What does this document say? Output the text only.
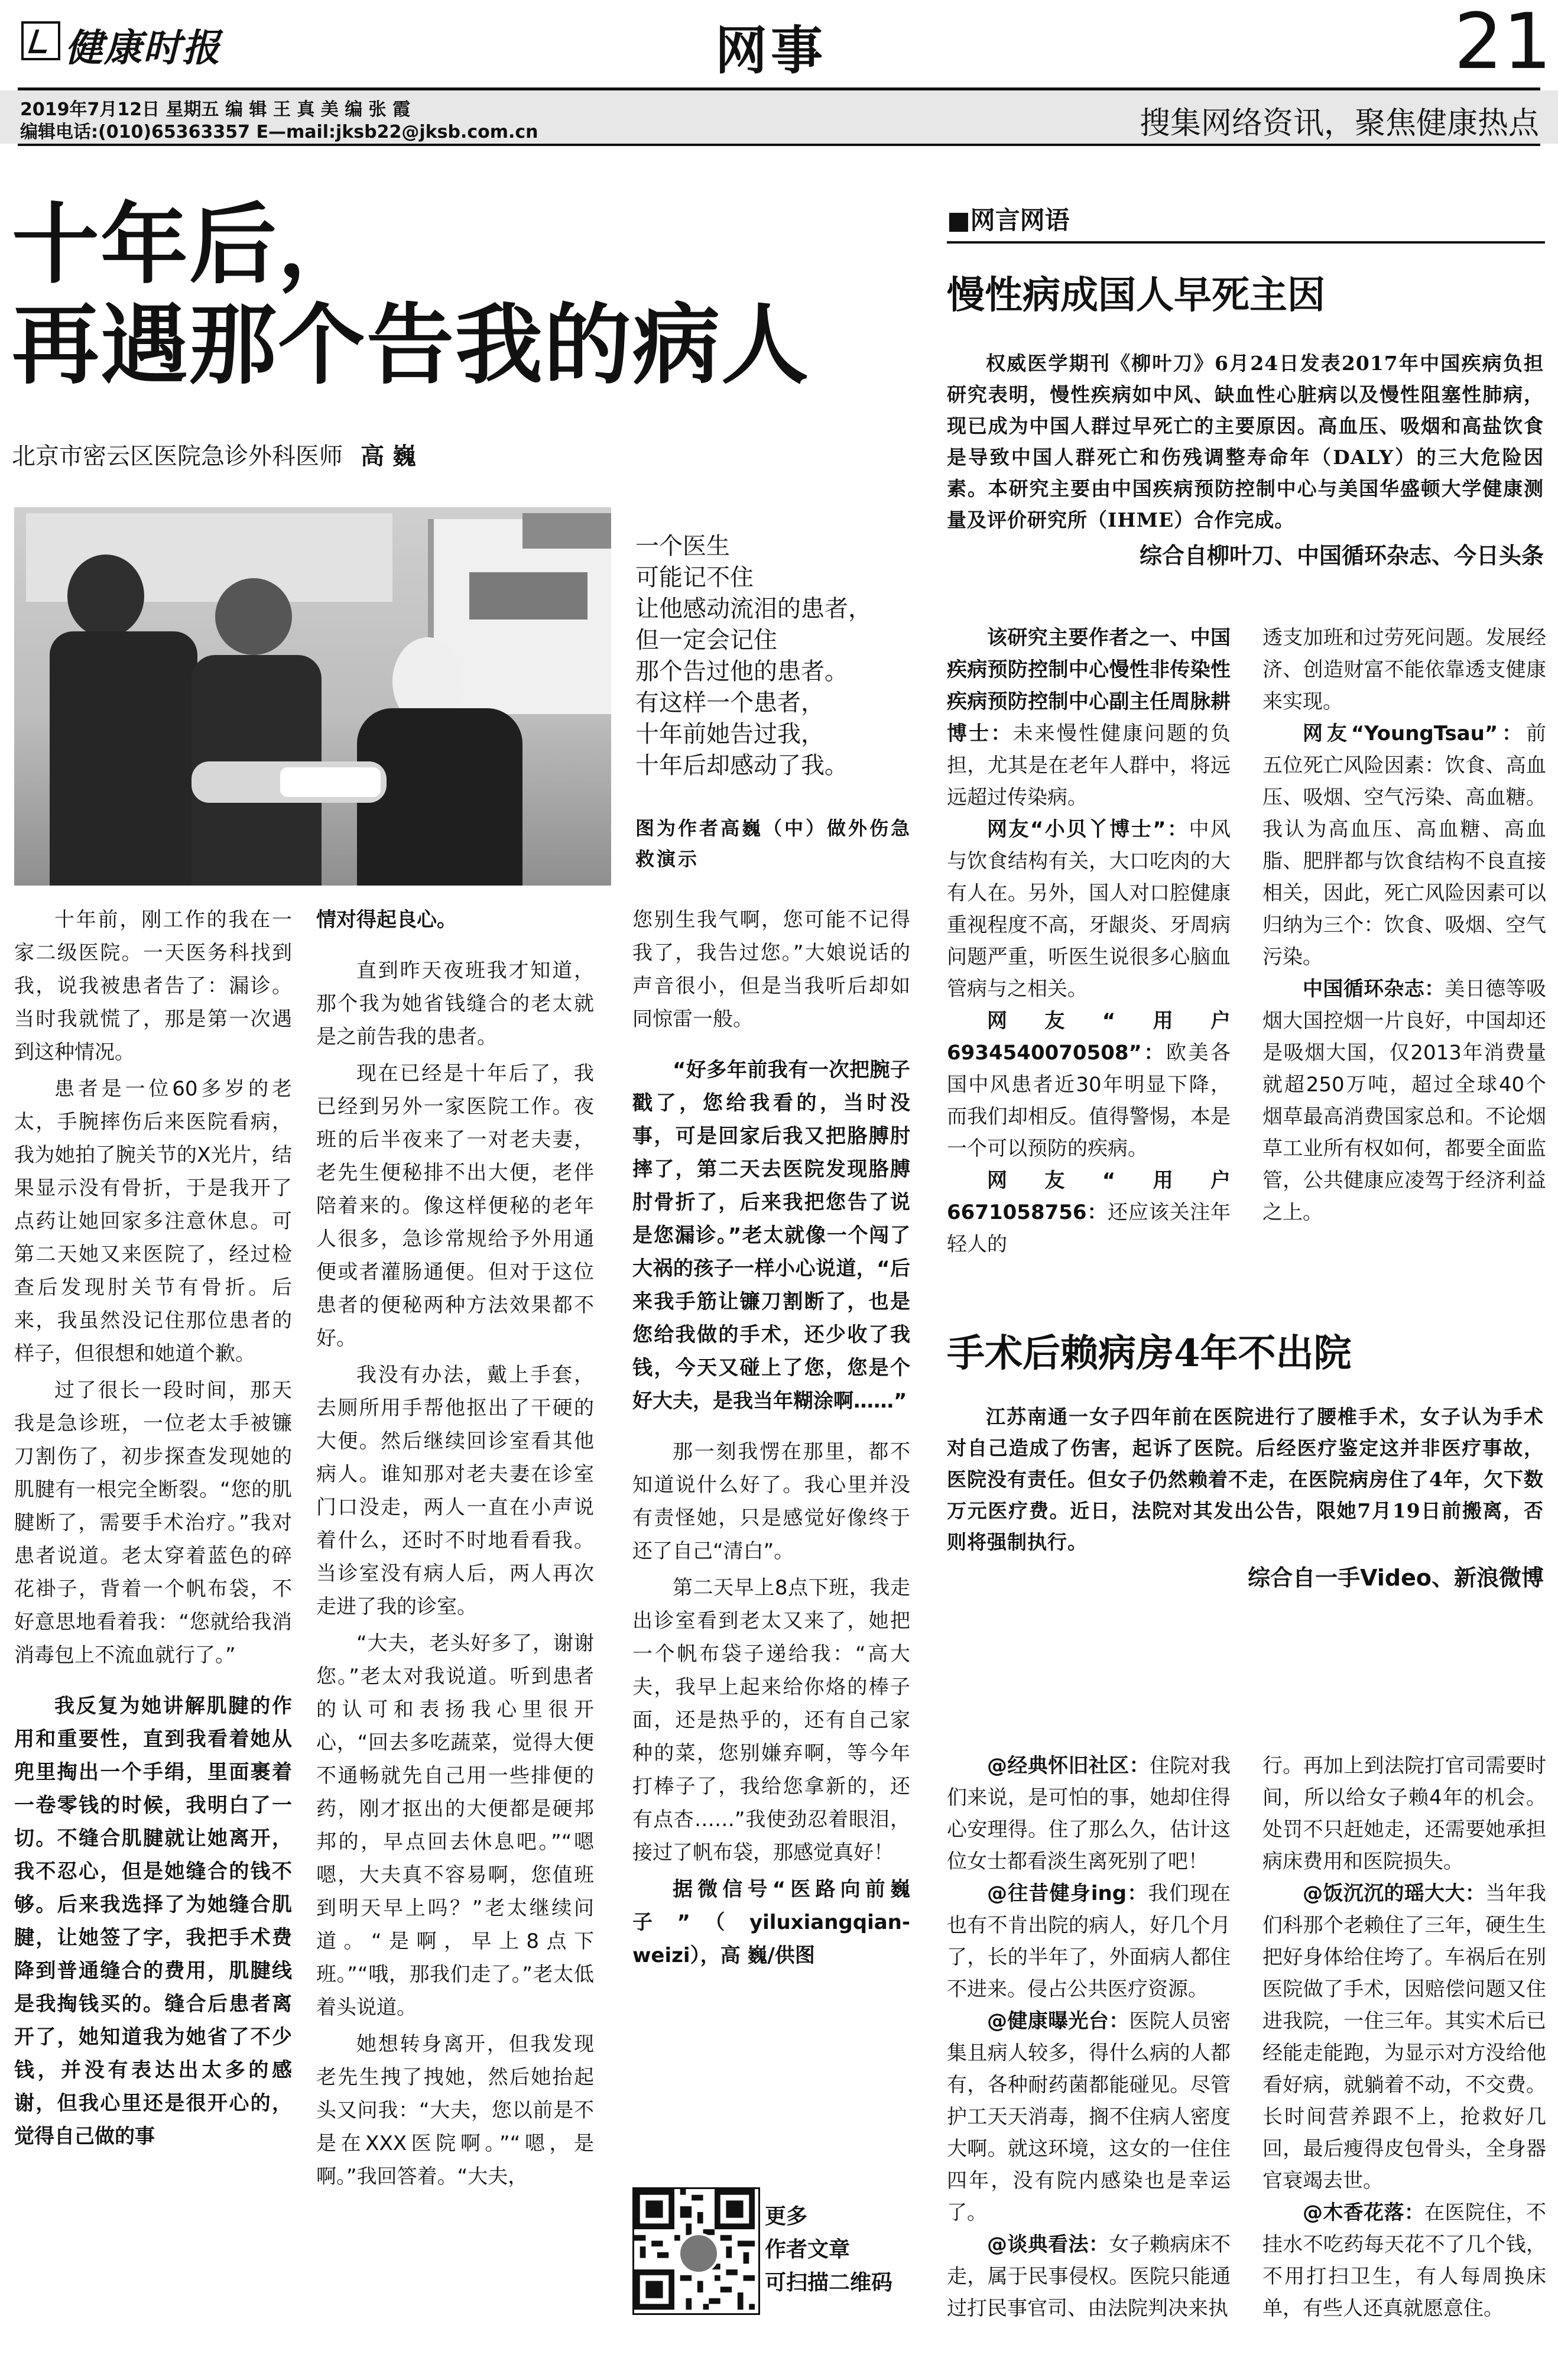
健康时报	网事	21
2019年7月12日 星期五 编 辑 王 真 美 编 张 霞
编辑电话:(010)65363357 E—mail:jksb22@jksb.com.cn	搜集网络资讯，聚焦健康热点
十年后，
再遇那个告我的病人
北京市密云区医院急诊外科医师 高 巍
一个医生
可能记不住
让他感动流泪的患者，
但一定会记住
那个告过他的患者。
有这样一个患者，
十年前她告过我，
十年后却感动了我。
图为作者高巍（中）做外伤急救演示

十年前，刚工作的我在一家二级医院。一天医务科找到我，说我被患者告了：漏诊。当时我就慌了，那是第一次遇到这种情况。

患者是一位60多岁的老太，手腕摔伤后来医院看病，我为她拍了腕关节的X光片，结果显示没有骨折，于是我开了点药让她回家多注意休息。可第二天她又来医院了，经过检查后发现肘关节有骨折。后来，我虽然没记住那位患者的样子，但很想和她道个歉。

过了很长一段时间，那天我是急诊班，一位老太手被镰刀割伤了，初步探查发现她的肌腱有一根完全断裂。“您的肌腱断了，需要手术治疗。”我对患者说道。老太穿着蓝色的碎花褂子，背着一个帆布袋，不好意思地看着我：“您就给我消消毒包上不流血就行了。”

我反复为她讲解肌腱的作用和重要性，直到我看着她从兜里掏出一个手绢，里面裹着一卷零钱的时候，我明白了一切。不缝合肌腱就让她离开，我不忍心，但是她缝合的钱不够。后来我选择了为她缝合肌腱，让她签了字，我把手术费降到普通缝合的费用，肌腱线是我掏钱买的。缝合后患者离开了，她知道我为她省了不少钱，并没有表达出太多的感谢，但我心里还是很开心的，觉得自己做的事

情对得起良心。

直到昨天夜班我才知道，那个我为她省钱缝合的老太就是之前告我的患者。

现在已经是十年后了，我已经到另外一家医院工作。夜班的后半夜来了一对老夫妻，老先生便秘排不出大便，老伴陪着来的。像这样便秘的老年人很多，急诊常规给予外用通便或者灌肠通便。但对于这位患者的便秘两种方法效果都不好。

我没有办法，戴上手套，去厕所用手帮他抠出了干硬的大便。然后继续回诊室看其他病人。谁知那对老夫妻在诊室门口没走，两人一直在小声说着什么，还时不时地看看我。当诊室没有病人后，两人再次走进了我的诊室。

“大夫，老头好多了，谢谢您。”老太对我说道。听到患者的认可和表扬我心里很开心，“回去多吃蔬菜，觉得大便不通畅就先自己用一些排便的药，刚才抠出的大便都是硬邦邦的，早点回去休息吧。”“嗯嗯，大夫真不容易啊，您值班到明天早上吗？”老太继续问道。“是啊，早上8点下班。”“哦，那我们走了。”老太低着头说道。

她想转身离开，但我发现老先生拽了拽她，然后她抬起头又问我：“大夫，您以前是不是在XXX医院啊。”“嗯，是啊。”我回答着。“大夫，

您别生我气啊，您可能不记得我了，我告过您。”大娘说话的声音很小，但是当我听后却如同惊雷一般。

“好多年前我有一次把腕子戳了，您给我看的，当时没事，可是回家后我又把胳膊肘摔了，第二天去医院发现胳膊肘骨折了，后来我把您告了说是您漏诊。”老太就像一个闯了大祸的孩子一样小心说道，“后来我手筋让镰刀割断了，也是您给我做的手术，还少收了我钱，今天又碰上了您，您是个好大夫，是我当年糊涂啊……”

那一刻我愣在那里，都不知道说什么好了。我心里并没有责怪她，只是感觉好像终于还了自己“清白”。

第二天早上8点下班，我走出诊室看到老太又来了，她把一个帆布袋子递给我：“高大夫，我早上起来给你烙的棒子面，还是热乎的，还有自己家种的菜，您别嫌弃啊，等今年打棒子了，我给您拿新的，还有点杏……”我使劲忍着眼泪，接过了帆布袋，那感觉真好！

据微信号“医路向前巍子”（yiluxiangqian-weizi），高 巍/供图

更多
作者文章
可扫描二维码
■网言网语
慢性病成国人早死主因

权威医学期刊《柳叶刀》6月24日发表2017年中国疾病负担研究表明，慢性疾病如中风、缺血性心脏病以及慢性阻塞性肺病，现已成为中国人群过早死亡的主要原因。高血压、吸烟和高盐饮食是导致中国人群死亡和伤残调整寿命年（DALY）的三大危险因素。本研究主要由中国疾病预防控制中心与美国华盛顿大学健康测量及评价研究所（IHME）合作完成。

综合自柳叶刀、中国循环杂志、今日头条

该研究主要作者之一、中国疾病预防控制中心慢性非传染性疾病预防控制中心副主任周脉耕博士：未来慢性健康问题的负担，尤其是在老年人群中，将远远超过传染病。

网友“小贝丫博士”：中风与饮食结构有关，大口吃肉的大有人在。另外，国人对口腔健康重视程度不高，牙龈炎、牙周病问题严重，听医生说很多心脑血管病与之相关。

网友“用户6934540070508”：欧美各国中风患者近30年明显下降，而我们却相反。值得警惕，本是一个可以预防的疾病。

网友“用户6671058756：还应该关注年轻人的

透支加班和过劳死问题。发展经济、创造财富不能依靠透支健康来实现。

网友“YoungTsau”：前五位死亡风险因素：饮食、高血压、吸烟、空气污染、高血糖。我认为高血压、高血糖、高血脂、肥胖都与饮食结构不良直接相关，因此，死亡风险因素可以归纳为三个：饮食、吸烟、空气污染。

中国循环杂志：美日德等吸烟大国控烟一片良好，中国却还是吸烟大国，仅2013年消费量就超250万吨，超过全球40个烟草最高消费国家总和。不论烟草工业所有权如何，都要全面监管，公共健康应凌驾于经济利益之上。

手术后赖病房4年不出院

江苏南通一女子四年前在医院进行了腰椎手术，女子认为手术对自己造成了伤害，起诉了医院。后经医疗鉴定这并非医疗事故，医院没有责任。但女子仍然赖着不走，在医院病房住了4年，欠下数万元医疗费。近日，法院对其发出公告，限她7月19日前搬离，否则将强制执行。

综合自一手Video、新浪微博

@经典怀旧社区：住院对我们来说，是可怕的事，她却住得心安理得。住了那么久，估计这位女士都看淡生离死别了吧！

@往昔健身ing：我们现在也有不肯出院的病人，好几个月了，长的半年了，外面病人都住不进来。侵占公共医疗资源。

@健康曝光台：医院人员密集且病人较多，得什么病的人都有，各种耐药菌都能碰见。尽管护工天天消毒，搁不住病人密度大啊。就这环境，这女的一住住四年，没有院内感染也是幸运了。

@谈典看法：女子赖病床不走，属于民事侵权。医院只能通过打民事官司、由法院判决来执

行。再加上到法院打官司需要时间，所以给女子赖4年的机会。处罚不只赶她走，还需要她承担病床费用和医院损失。

@饭沉沉的瑶大大：当年我们科那个老赖住了三年，硬生生把好身体给住垮了。车祸后在别医院做了手术，因赔偿问题又住进我院，一住三年。其实术后已经能走能跑，为显示对方没给他看好病，就躺着不动，不交费。长时间营养跟不上，抢救好几回，最后瘦得皮包骨头，全身器官衰竭去世。

@木香花落：在医院住，不挂水不吃药每天花不了几个钱，不用打扫卫生，有人每周换床单，有些人还真就愿意住。
